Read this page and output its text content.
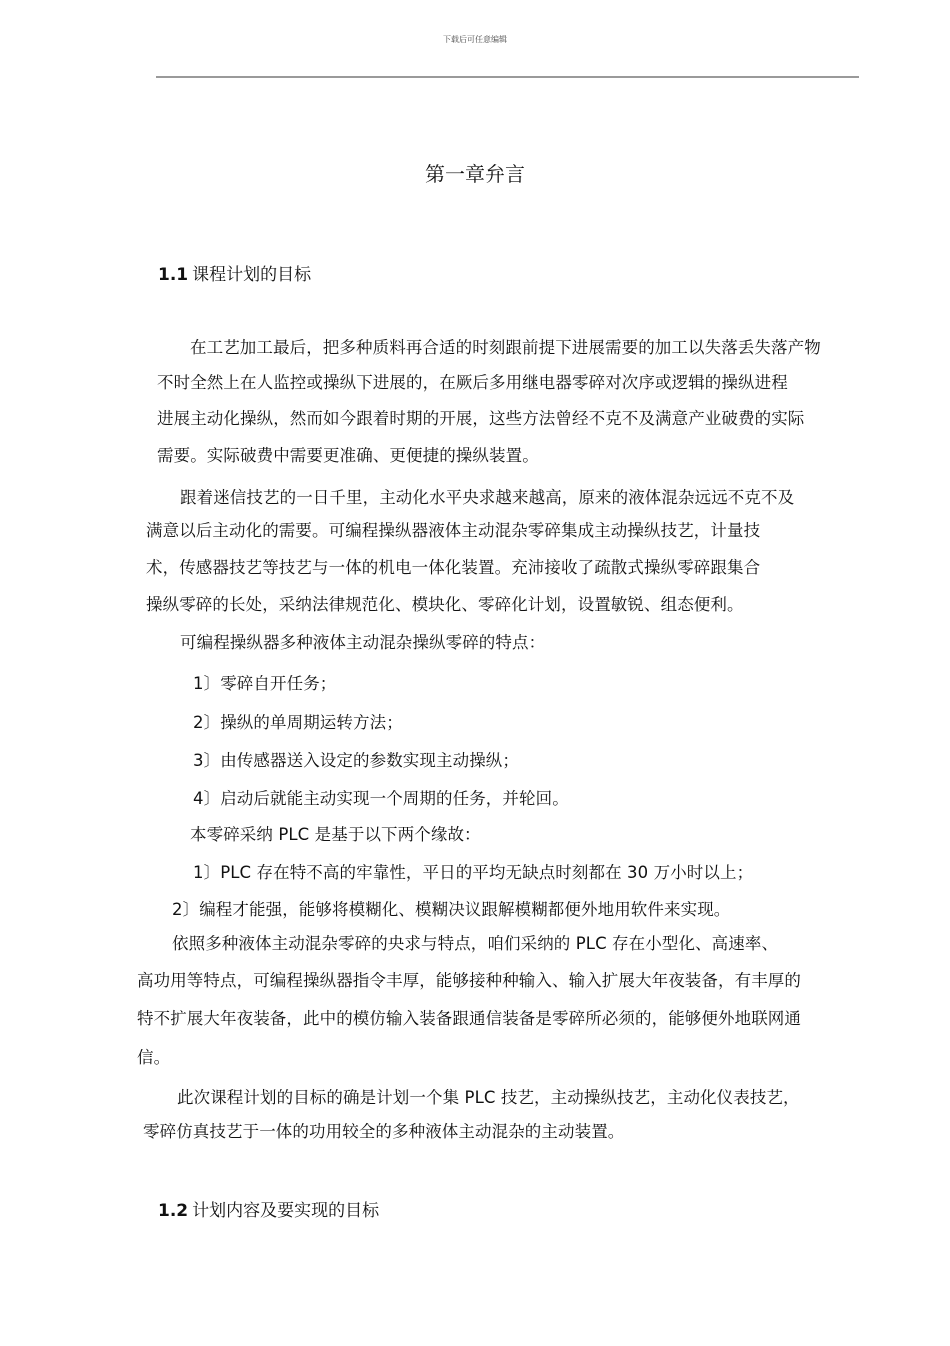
下载后可任意编辑
第一章弁言
1.1 课程计划的目标
在工艺加工最后，把多种质料再合适的时刻跟前提下进展需要的加工以失落丢失落产物
不时全然上在人监控或操纵下进展的，在厥后多用继电器零碎对次序或逻辑的操纵进程
进展主动化操纵，然而如今跟着时期的开展，这些方法曾经不克不及满意产业破费的实际
需要。实际破费中需要更准确、更便捷的操纵装置。
跟着迷信技艺的一日千里，主动化水平央求越来越高，原来的液体混杂远远不克不及
满意以后主动化的需要。可编程操纵器液体主动混杂零碎集成主动操纵技艺，计量技
术，传感器技艺等技艺与一体的机电一体化装置。充沛接收了疏散式操纵零碎跟集合
操纵零碎的长处，采纳法律规范化、模块化、零碎化计划，设置敏锐、组态便利。
可编程操纵器多种液体主动混杂操纵零碎的特点：
1〕零碎自开任务；
2〕操纵的单周期运转方法；
3〕由传感器送入设定的参数实现主动操纵；
4〕启动后就能主动实现一个周期的任务，并轮回。
本零碎采纳 PLC 是基于以下两个缘故：
1〕PLC 存在特不高的牢靠性，平日的平均无缺点时刻都在 30 万小时以上；
2〕编程才能强，能够将模糊化、模糊决议跟解模糊都便外地用软件来实现。
依照多种液体主动混杂零碎的央求与特点，咱们采纳的 PLC 存在小型化、高速率、
高功用等特点，可编程操纵器指令丰厚，能够接种种输入、输入扩展大年夜装备，有丰厚的
特不扩展大年夜装备，此中的模仿输入装备跟通信装备是零碎所必须的，能够便外地联网通
信。
此次课程计划的目标的确是计划一个集 PLC 技艺，主动操纵技艺，主动化仪表技艺，
零碎仿真技艺于一体的功用较全的多种液体主动混杂的主动装置。
1.2 计划内容及要实现的目标
